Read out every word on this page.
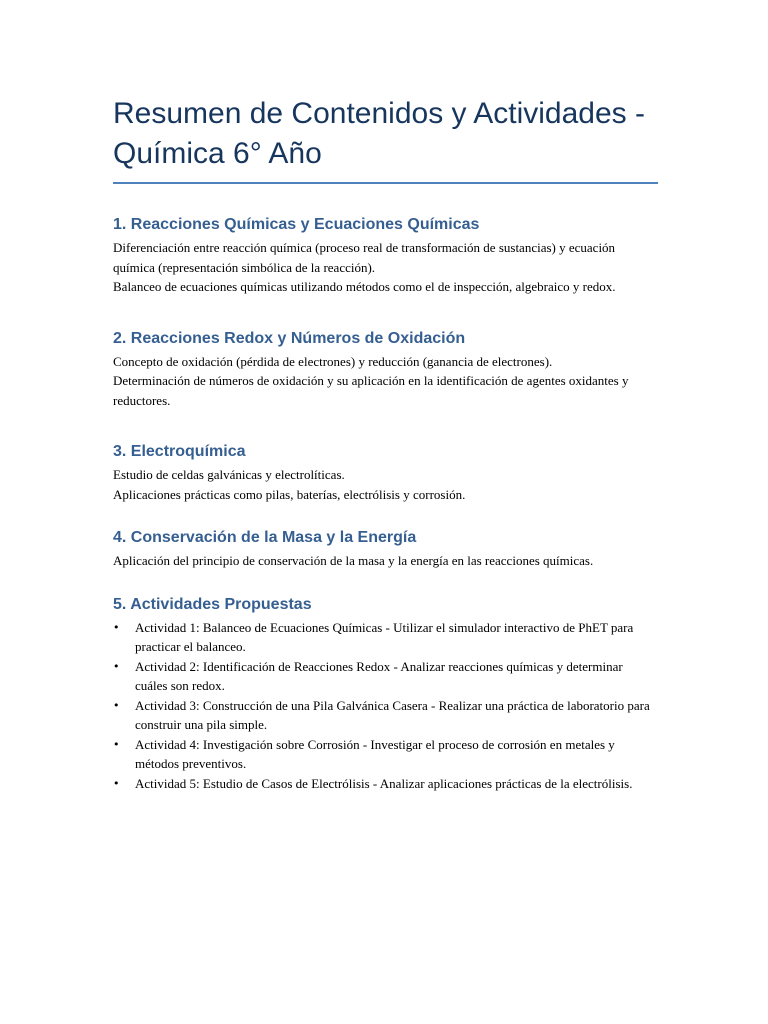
Resumen de Contenidos y Actividades - Química 6° Año
1. Reacciones Químicas y Ecuaciones Químicas

Diferenciación entre reacción química (proceso real de transformación de sustancias) y ecuación química (representación simbólica de la reacción).

Balanceo de ecuaciones químicas utilizando métodos como el de inspección, algebraico y redox.

2. Reacciones Redox y Números de Oxidación

Concepto de oxidación (pérdida de electrones) y reducción (ganancia de electrones).

Determinación de números de oxidación y su aplicación en la identificación de agentes oxidantes y reductores.

3. Electroquímica

Estudio de celdas galvánicas y electrolíticas.

Aplicaciones prácticas como pilas, baterías, electrólisis y corrosión.

4. Conservación de la Masa y la Energía

Aplicación del principio de conservación de la masa y la energía en las reacciones químicas.

5. Actividades Propuestas
• Actividad 1: Balanceo de Ecuaciones Químicas - Utilizar el simulador interactivo de PhET para practicar el balanceo.
• Actividad 2: Identificación de Reacciones Redox - Analizar reacciones químicas y determinar cuáles son redox.
• Actividad 3: Construcción de una Pila Galvánica Casera - Realizar una práctica de laboratorio para construir una pila simple.
• Actividad 4: Investigación sobre Corrosión - Investigar el proceso de corrosión en metales y métodos preventivos.
• Actividad 5: Estudio de Casos de Electrólisis - Analizar aplicaciones prácticas de la electrólisis.
